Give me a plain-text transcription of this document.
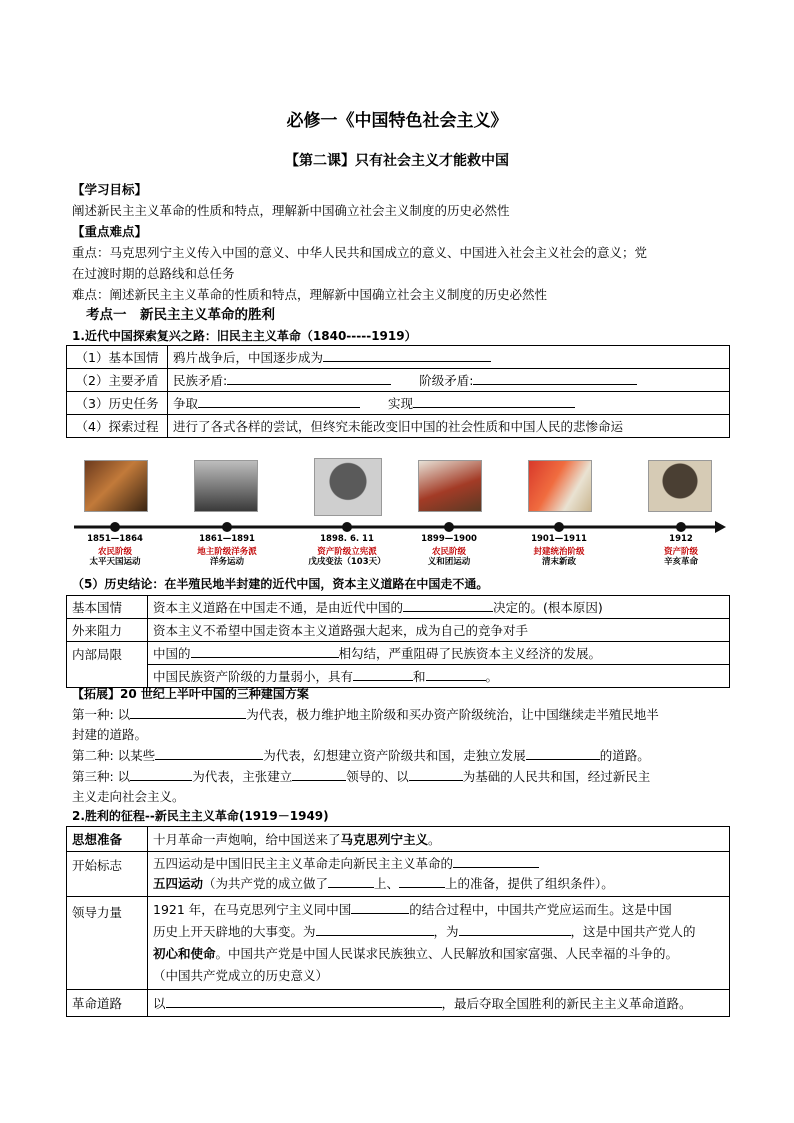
必修一《中国特色社会主义》
【第二课】只有社会主义才能救中国
【学习目标】
阐述新民主主义革命的性质和特点，理解新中国确立社会主义制度的历史必然性
【重点难点】
重点：马克思列宁主义传入中国的意义、中华人民共和国成立的意义、中国进入社会主义社会的意义；党
在过渡时期的总路线和总任务
难点：阐述新民主主义革命的性质和特点，理解新中国确立社会主义制度的历史必然性
考点一　新民主主义革命的胜利
1.近代中国探索复兴之路：旧民主主义革命（1840-----1919）
（1）基本国情	鸦片战争后，中国逐步成为
（2）主要矛盾	民族矛盾: 阶级矛盾:
（3）历史任务	争取 实现
（4）探索过程	进行了各式各样的尝试，但终究未能改变旧中国的社会性质和中国人民的悲惨命运
1851—1864
农民阶级
太平天国运动
1861—1891
地主阶级洋务派
洋务运动
1898. 6. 11
资产阶级立宪派
戊戌变法（103天）
1899—1900
农民阶级
义和团运动
1901—1911
封建统治阶级
清末新政
1912
资产阶级
辛亥革命
（5）历史结论：在半殖民地半封建的近代中国，资本主义道路在中国走不通。
基本国情	资本主义道路在中国走不通，是由近代中国的 决定的。(根本原因)
外来阻力	资本主义不希望中国走资本主义道路强大起来，成为自己的竞争对手
内部局限	中国的 相勾结，严重阻碍了民族资本主义经济的发展。
	中国民族资产阶级的力量弱小，具有 和 。
【拓展】20 世纪上半叶中国的三种建国方案
第一种: 以	为代表，极力维护地主阶级和买办资产阶级统治，让中国继续走半殖民地半
封建的道路。
第二种: 以某些	为代表，幻想建立资产阶级共和国，走独立发展	的道路。
第三种: 以	为代表，主张建立	领导的、以	为基础的人民共和国，经过新民主
主义走向社会主义。
2.胜利的征程--新民主主义革命(1919－1949)
思想准备	十月革命一声炮响，给中国送来了马克思列宁主义。
开始标志	五四运动是中国旧民主主义革命走向新民主主义革命的
五四运动（为共产党的成立做了 上、 上的准备，提供了组织条件）。

领导力量	1921 年，在马克思列宁主义同中国 的结合过程中，中国共产党应运而生。这是中国
历史上开天辟地的大事变。为 ，为 ，这是中国共产党人的
初心和使命。中国共产党是中国人民谋求民族独立、人民解放和国家富强、人民幸福的斗争的。
（中国共产党成立的历史意义）

革命道路	以 ，最后夺取全国胜利的新民主主义革命道路。
